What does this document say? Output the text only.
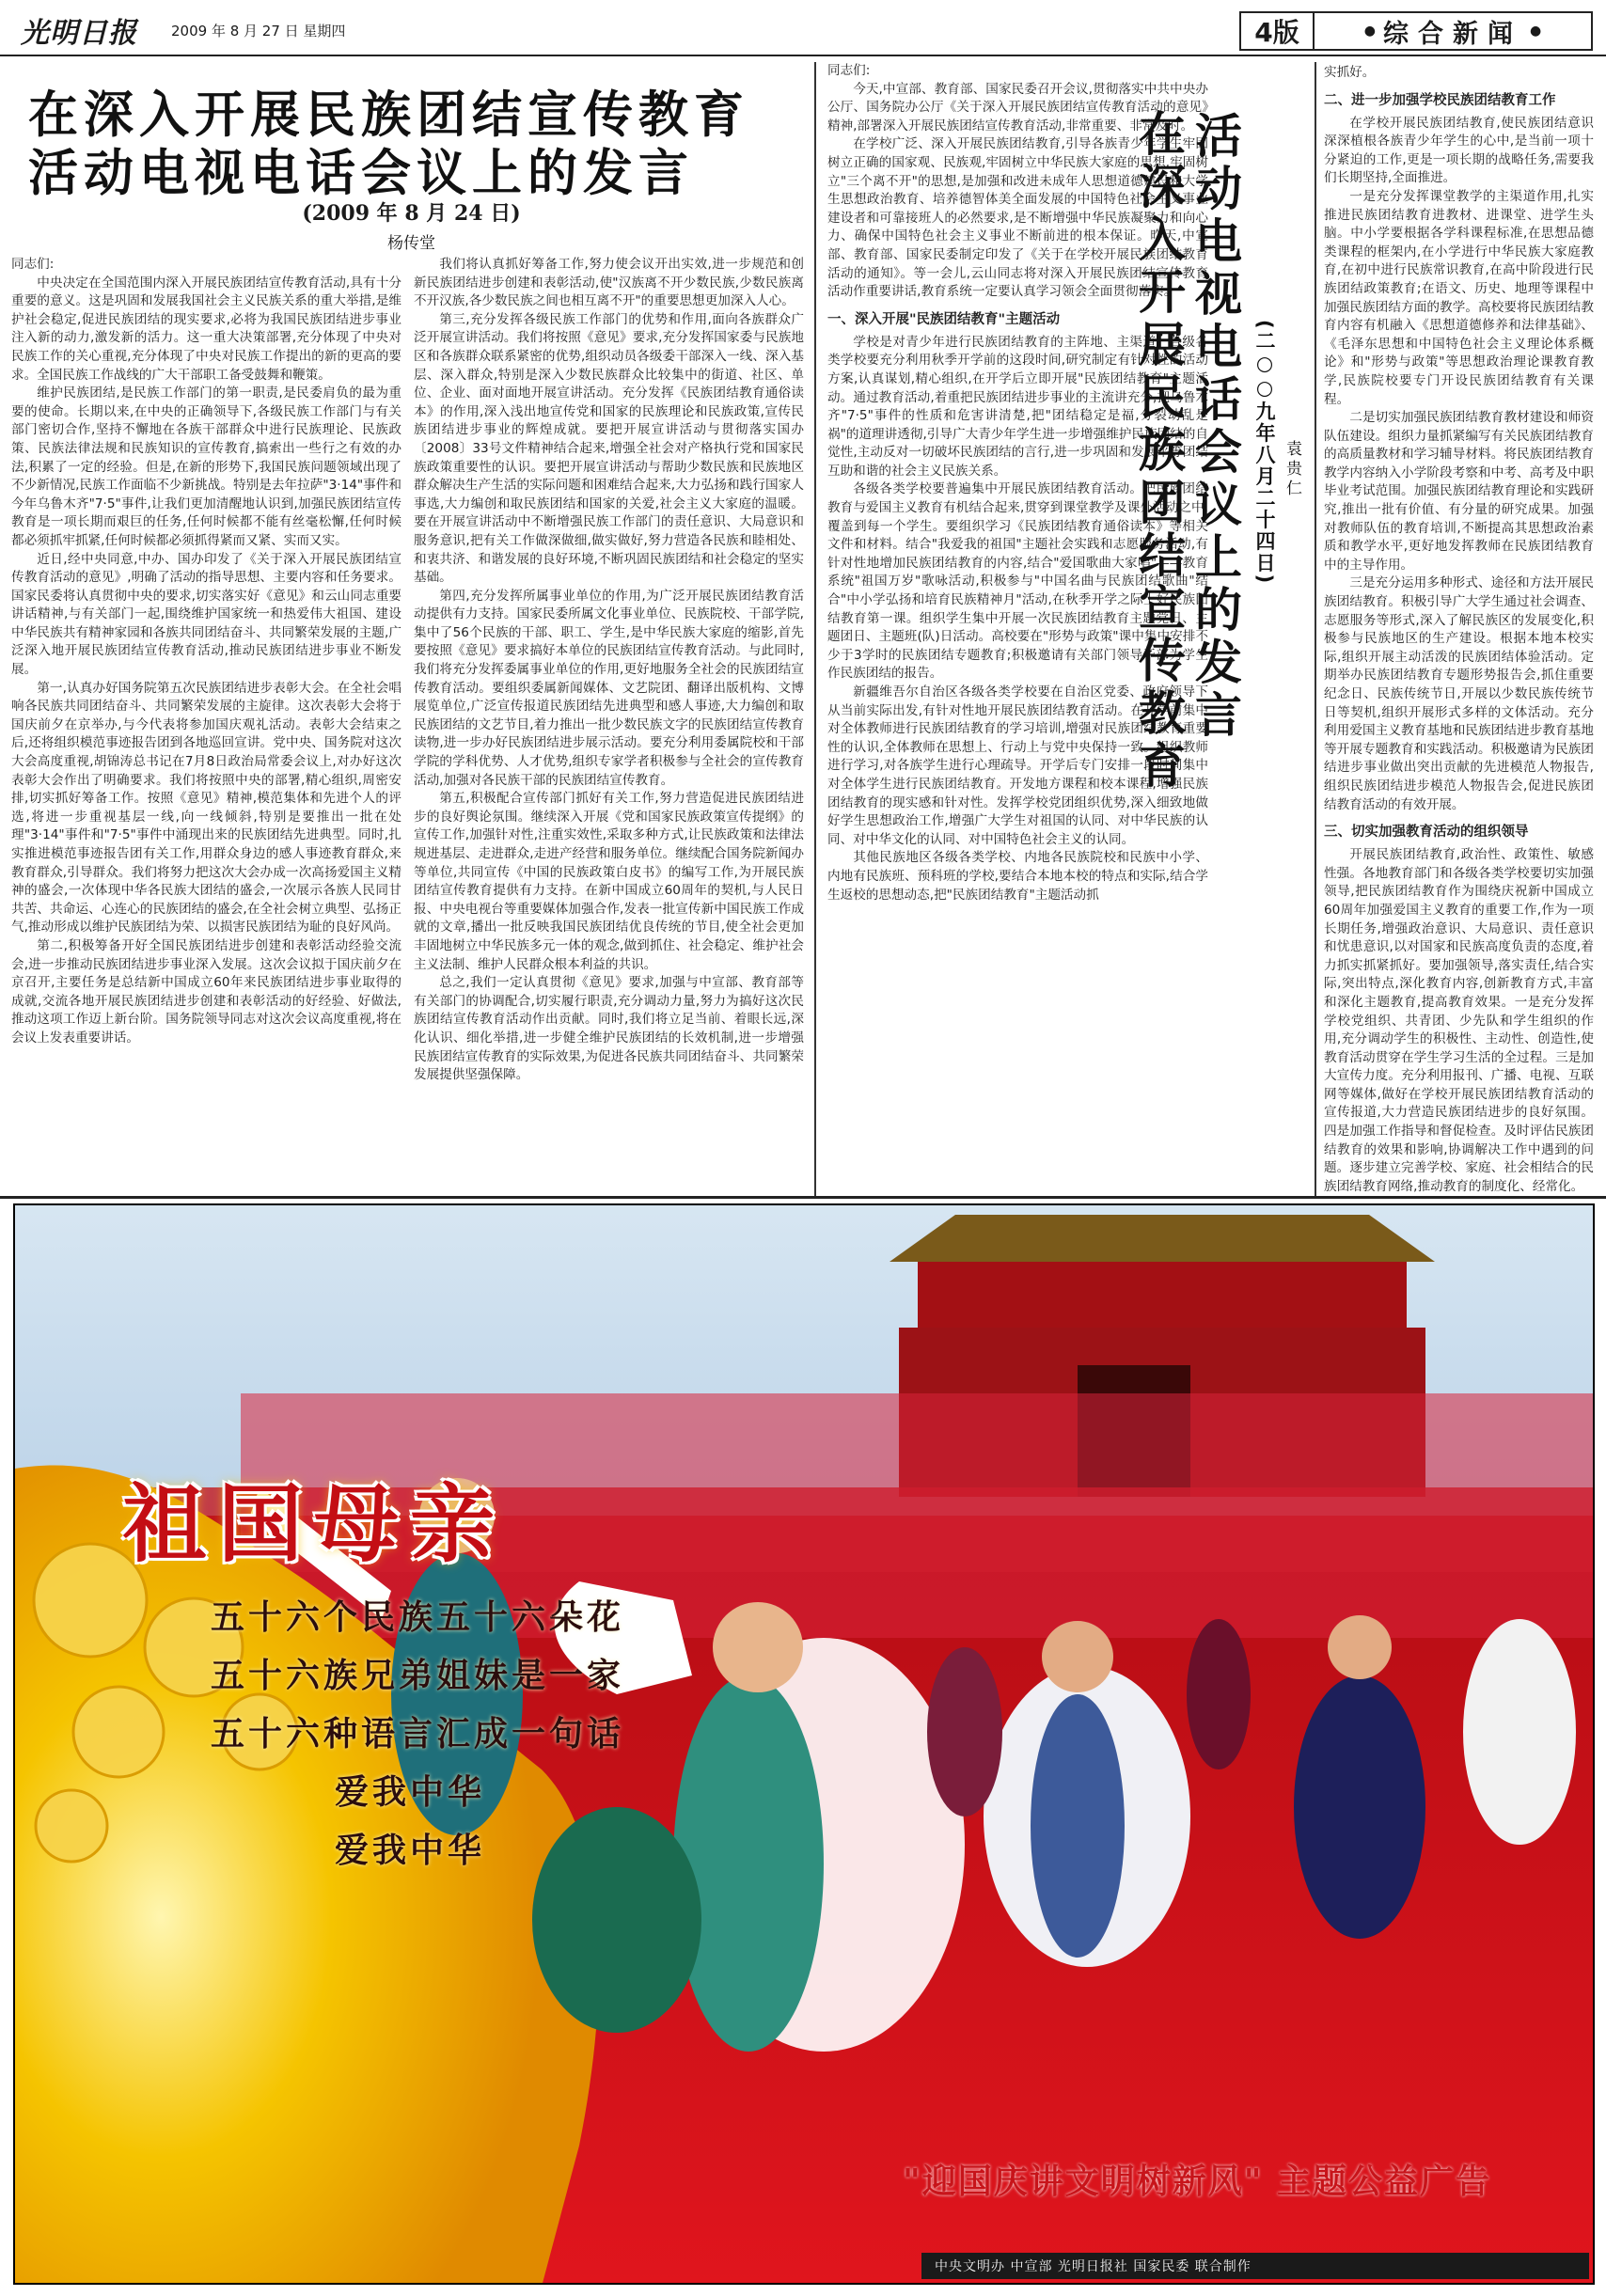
光明日报 2009 年 8 月 27 日 星期四	4版	● 综合新闻 ●
在深入开展民族团结宣传教育
活动电视电话会议上的发言
(2009 年 8 月 24 日)
杨传堂

同志们:

中央决定在全国范围内深入开展民族团结宣传教育活动,具有十分重要的意义。这是巩固和发展我国社会主义民族关系的重大举措,是维护社会稳定,促进民族团结的现实要求,必将为我国民族团结进步事业注入新的动力,激发新的活力。这一重大决策部署,充分体现了中央对民族工作的关心重视,充分体现了中央对民族工作提出的新的更高的要求。全国民族工作战线的广大干部职工备受鼓舞和鞭策。

维护民族团结,是民族工作部门的第一职责,是民委肩负的最为重要的使命。长期以来,在中央的正确领导下,各级民族工作部门与有关部门密切合作,坚持不懈地在各族干部群众中进行民族理论、民族政策、民族法律法规和民族知识的宣传教育,搞索出一些行之有效的办法,积累了一定的经验。但是,在新的形势下,我国民族问题领域出现了不少新情况,民族工作面临不少新挑战。特别是去年拉萨"3·14"事件和今年乌鲁木齐"7·5"事件,让我们更加清醒地认识到,加强民族团结宣传教育是一项长期而艰巨的任务,任何时候都不能有丝毫松懈,任何时候都必须抓牢抓紧,任何时候都必须抓得紧而又紧、实而又实。

近日,经中央同意,中办、国办印发了《关于深入开展民族团结宣传教育活动的意见》,明确了活动的指导思想、主要内容和任务要求。国家民委将认真贯彻中央的要求,切实落实好《意见》和云山同志重要讲话精神,与有关部门一起,围绕维护国家统一和热爱伟大祖国、建设中华民族共有精神家园和各族共同团结奋斗、共同繁荣发展的主题,广泛深入地开展民族团结宣传教育活动,推动民族团结进步事业不断发展。

第一,认真办好国务院第五次民族团结进步表彰大会。在全社会唱响各民族共同团结奋斗、共同繁荣发展的主旋律。这次表彰大会将于国庆前夕在京举办,与今代表将参加国庆观礼活动。表彰大会结束之后,还将组织模范事迹报告团到各地巡回宣讲。党中央、国务院对这次大会高度重视,胡锦涛总书记在7月8日政治局常委会议上,对办好这次表彰大会作出了明确要求。我们将按照中央的部署,精心组织,周密安排,切实抓好筹备工作。按照《意见》精神,模范集体和先进个人的评选,将进一步重视基层一线,向一线倾斜,特别是要推出一批在处理"3·14"事件和"7·5"事件中涌现出来的民族团结先进典型。同时,扎实推进模范事迹报告团有关工作,用群众身边的感人事迹教育群众,来教育群众,引导群众。我们将努力把这次大会办成一次高扬爱国主义精神的盛会,一次体现中华各民族大团结的盛会,一次展示各族人民同甘共苦、共命运、心连心的民族团结的盛会,在全社会树立典型、弘扬正气,推动形成以维护民族团结为荣、以损害民族团结为耻的良好风尚。

第二,积极筹备开好全国民族团结进步创建和表彰活动经验交流会,进一步推动民族团结进步事业深入发展。这次会议拟于国庆前夕在京召开,主要任务是总结新中国成立60年来民族团结进步事业取得的成就,交流各地开展民族团结进步创建和表彰活动的好经验、好做法,推动这项工作迈上新台阶。国务院领导同志对这次会议高度重视,将在会议上发表重要讲话。

我们将认真抓好筹备工作,努力使会议开出实效,进一步规范和创新民族团结进步创建和表彰活动,使"汉族离不开少数民族,少数民族离不开汉族,各少数民族之间也相互离不开"的重要思想更加深入人心。

第三,充分发挥各级民族工作部门的优势和作用,面向各族群众广泛开展宣讲活动。我们将按照《意见》要求,充分发挥国家委与民族地区和各族群众联系紧密的优势,组织动员各级委干部深入一线、深入基层、深入群众,特别是深入少数民族群众比较集中的街道、社区、单位、企业、面对面地开展宣讲活动。充分发挥《民族团结教育通俗读本》的作用,深入浅出地宣传党和国家的民族理论和民族政策,宣传民族团结进步事业的辉煌成就。要把开展宣讲活动与贯彻落实国办〔2008〕33号文件精神结合起来,增强全社会对产格执行党和国家民族政策重要性的认识。要把开展宣讲活动与帮助少数民族和民族地区群众解决生产生活的实际问题和困难结合起来,大力弘扬和践行国家人事选,大力编创和取民族团结和国家的关爱,社会主义大家庭的温暖。要在开展宣讲活动中不断增强民族工作部门的责任意识、大局意识和服务意识,把有关工作做深做细,做实做好,努力营造各民族和睦相处、和衷共济、和谐发展的良好环境,不断巩固民族团结和社会稳定的坚实基础。

第四,充分发挥所属事业单位的作用,为广泛开展民族团结教育活动提供有力支持。国家民委所属文化事业单位、民族院校、干部学院,集中了56个民族的干部、职工、学生,是中华民族大家庭的缩影,首先要按照《意见》要求搞好本单位的民族团结宣传教育活动。与此同时,我们将充分发挥委属事业单位的作用,更好地服务全社会的民族团结宣传教育活动。要组织委属新闻媒体、文艺院团、翻译出版机构、文博展览单位,广泛宣传报道民族团结先进典型和感人事迹,大力编创和取民族团结的文艺节目,着力推出一批少数民族文字的民族团结宣传教育读物,进一步办好民族团结进步展示活动。要充分利用委属院校和干部学院的学科优势、人才优势,组织专家学者积极参与全社会的宣传教育活动,加强对各民族干部的民族团结宣传教育。

第五,积极配合宣传部门抓好有关工作,努力营造促进民族团结进步的良好舆论氛围。继续深入开展《党和国家民族政策宣传提纲》的宣传工作,加强针对性,注重实效性,采取多种方式,让民族政策和法律法规进基层、走进群众,走进产经营和服务单位。继续配合国务院新闻办等单位,共同宣传《中国的民族政策白皮书》的编写工作,为开展民族团结宣传教育提供有力支持。在新中国成立60周年的契机,与人民日报、中央电视台等重要媒体加强合作,发表一批宣传新中国民族工作成就的文章,播出一批反映我国民族团结优良传统的节目,使全社会更加丰固地树立中华民族多元一体的观念,做到抓住、社会稳定、维护社会主义法制、维护人民群众根本利益的共识。

总之,我们一定认真贯彻《意见》要求,加强与中宣部、教育部等有关部门的协调配合,切实履行职责,充分调动力量,努力为搞好这次民族团结宣传教育活动作出贡献。同时,我们将立足当前、着眼长远,深化认识、细化举措,进一步健全维护民族团结的长效机制,进一步增强民族团结宣传教育的实际效果,为促进各民族共同团结奋斗、共同繁荣发展提供坚强保障。

同志们:

今天,中宣部、教育部、国家民委召开会议,贯彻落实中共中央办公厅、国务院办公厅《关于深入开展民族团结宣传教育活动的意见》精神,部署深入开展民族团结宣传教育活动,非常重要、非常及时。

在学校广泛、深入开展民族团结教育,引导各族青少年学生牢固树立正确的国家观、民族观,牢固树立中华民族大家庭的思想,牢固树立"三个离不开"的思想,是加强和改进未成年人思想道德建设和大学生思想政治教育、培养德智体美全面发展的中国特色社会主义事业建设者和可靠接班人的必然要求,是不断增强中华民族凝聚力和向心力、确保中国特色社会主义事业不断前进的根本保证。昨天,中宣部、教育部、国家民委制定印发了《关于在学校开展民族团结教育活动的通知》。等一会儿,云山同志将对深入开展民族团结宣传教育活动作重要讲话,教育系统一定要认真学习领会全面贯彻落实。

一、深入开展"民族团结教育"主题活动

学校是对青少年进行民族团结教育的主阵地、主渠道。各级各类学校要充分利用秋季开学前的这段时间,研究制定有针对性的活动方案,认真谋划,精心组织,在开学后立即开展"民族团结教育"主题活动。通过教育活动,着重把民族团结进步事业的主流讲充分,把乌鲁木齐"7·5"事件的性质和危害讲清楚,把"团结稳定是福,分裂动乱是祸"的道理讲透彻,引导广大青少年学生进一步增强维护民族团结的自觉性,主动反对一切破坏民族团结的言行,进一步巩固和发展平等团结互助和谐的社会主义民族关系。

各级各类学校要普遍集中开展民族团结教育活动。把民族团结教育与爱国主义教育有机结合起来,贯穿到课堂教学及课外活动之中,覆盖到每一个学生。要组织学习《民族团结教育通俗读本》等相关文件和材料。结合"我爱我的祖国"主题社会实践和志愿服务活动,有针对性地增加民族团结教育的内容,结合"爱国歌曲大家唱"——教育系统"祖国万岁"歌咏活动,积极参与"中国名曲与民族团结歌曲"结合"中小学弘扬和培育民族精神月"活动,在秋季开学之际上好民族团结教育第一课。组织学生集中开展一次民族团结教育主题党日、主题团日、主题班(队)日活动。高校要在"形势与政策"课中集中安排不少于3学时的民族团结专题教育;积极邀请有关部门领导干部为学生作民族团结的报告。

新疆维吾尔自治区各级各类学校要在自治区党委、政府领导下从当前实际出发,有针对性地开展民族团结教育活动。在开学前集中对全体教师进行民族团结教育的学习培训,增强对民族团结教育重要性的认识,全体教师在思想上、行动上与党中央保持一致。组织教师进行学习,对各族学生进行心理疏导。开学后专门安排一段时间集中对全体学生进行民族团结教育。开发地方课程和校本课程,增强民族团结教育的现实感和针对性。发挥学校党团组织优势,深入细致地做好学生思想政治工作,增强广大学生对祖国的认同、对中华民族的认同、对中华文化的认同、对中国特色社会主义的认同。

其他民族地区各级各类学校、内地各民族院校和民族中小学、内地有民族班、预科班的学校,要结合本地本校的特点和实际,结合学生返校的思想动态,把"民族团结教育"主题活动抓

活动电视电话会议上的发言
在深入开展民族团结宣传教育	(二○○九年八月二十四日) 袁贵仁

实抓好。

二、进一步加强学校民族团结教育工作

在学校开展民族团结教育,使民族团结意识深深植根各族青少年学生的心中,是当前一项十分紧迫的工作,更是一项长期的战略任务,需要我们长期坚持,全面推进。

一是充分发挥课堂教学的主渠道作用,扎实推进民族团结教育进教材、进课堂、进学生头脑。中小学要根据各学科课程标准,在思想品德类课程的框架内,在小学进行中华民族大家庭教育,在初中进行民族常识教育,在高中阶段进行民族团结政策教育;在语文、历史、地理等课程中加强民族团结方面的教学。高校要将民族团结教育内容有机融入《思想道德修养和法律基础》、《毛泽东思想和中国特色社会主义理论体系概论》和"形势与政策"等思想政治理论课教育教学,民族院校要专门开设民族团结教育有关课程。

二是切实加强民族团结教育教材建设和师资队伍建设。组织力量抓紧编写有关民族团结教育的高质量教材和学习辅导材料。将民族团结教育教学内容纳入小学阶段考察和中考、高考及中职毕业考试范围。加强民族团结教育理论和实践研究,推出一批有价值、有分量的研究成果。加强对教师队伍的教育培训,不断提高其思想政治素质和教学水平,更好地发挥教师在民族团结教育中的主导作用。

三是充分运用多种形式、途径和方法开展民族团结教育。积极引导广大学生通过社会调查、志愿服务等形式,深入了解民族区的发展变化,积极参与民族地区的生产建设。根据本地本校实际,组织开展主动活泼的民族团结体验活动。定期举办民族团结教育专题形势报告会,抓住重要纪念日、民族传统节日,开展以少数民族传统节日等契机,组织开展形式多样的文体活动。充分利用爱国主义教育基地和民族团结进步教育基地等开展专题教育和实践活动。积极邀请为民族团结进步事业做出突出贡献的先进模范人物报告,组织民族团结进步模范人物报告会,促进民族团结教育活动的有效开展。

三、切实加强教育活动的组织领导

开展民族团结教育,政治性、政策性、敏感性强。各地教育部门和各级各类学校要切实加强领导,把民族团结教育作为围绕庆祝新中国成立60周年加强爱国主义教育的重要工作,作为一项长期任务,增强政治意识、大局意识、责任意识和忧患意识,以对国家和民族高度负责的态度,着力抓实抓紧抓好。要加强领导,落实责任,结合实际,突出特点,深化教育内容,创新教育方式,丰富和深化主题教育,提高教育效果。一是充分发挥学校党组织、共青团、少先队和学生组织的作用,充分调动学生的积极性、主动性、创造性,使教育活动贯穿在学生学习生活的全过程。三是加大宣传力度。充分利用报刊、广播、电视、互联网等媒体,做好在学校开展民族团结教育活动的宣传报道,大力营造民族团结进步的良好氛围。四是加强工作指导和督促检查。及时评估民族团结教育的效果和影响,协调解决工作中遇到的问题。逐步建立完善学校、家庭、社会相结合的民族团结教育网络,推动教育的制度化、经常化。

祖国母亲
五十六个民族五十六朵花
五十六族兄弟姐妹是一家
五十六种语言汇成一句话
爱我中华
爱我中华
"迎国庆讲文明树新风" 主题公益广告
中央文明办 中宣部 光明日报社 国家民委 联合制作
